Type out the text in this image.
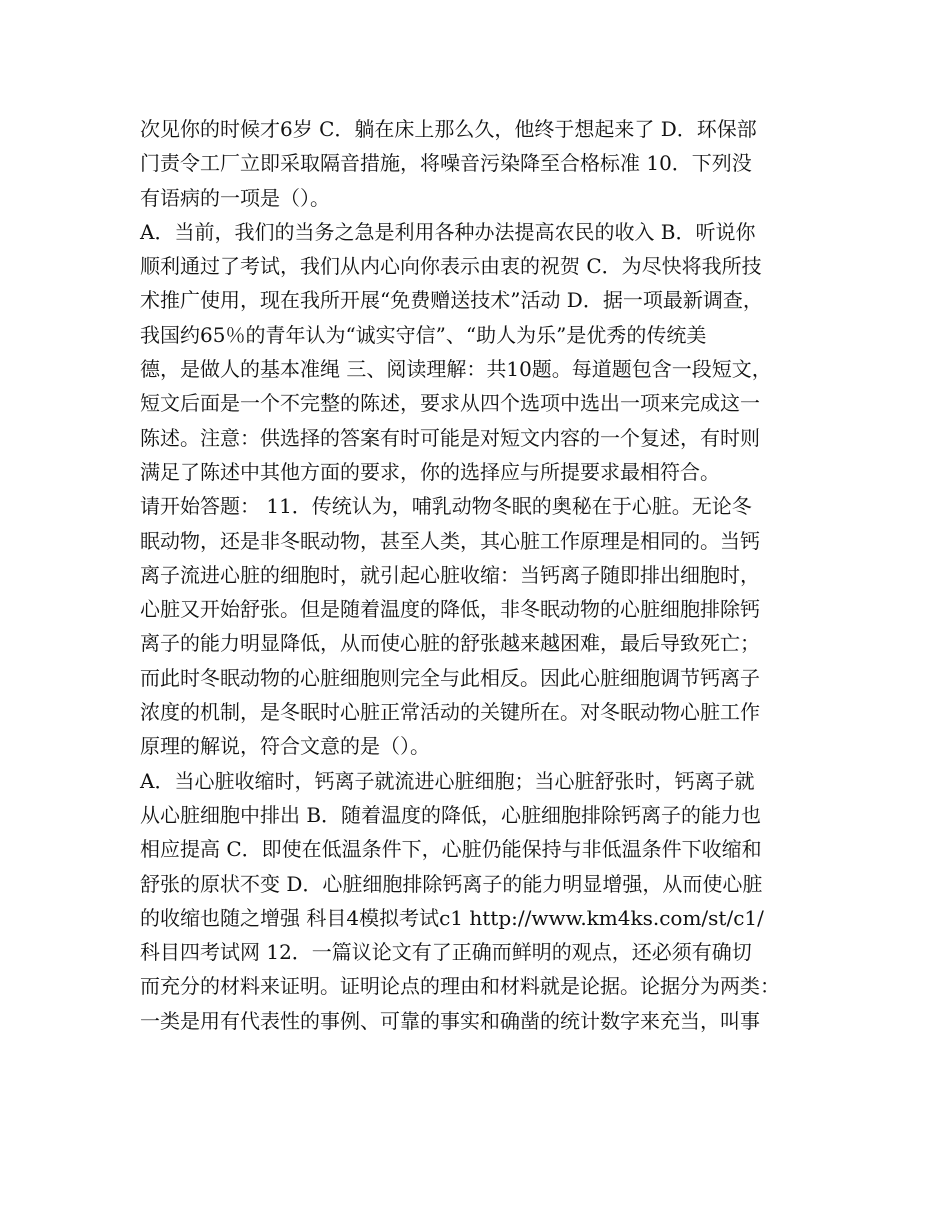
次见你的时候才6岁 C．躺在床上那么久，他终于想起来了 D．环保部
门责令工厂立即采取隔音措施，将噪音污染降至合格标准 10．下列没
有语病的一项是（）。
A．当前，我们的当务之急是利用各种办法提高农民的收入 B．听说你
顺利通过了考试，我们从内心向你表示由衷的祝贺 C．为尽快将我所技
术推广使用，现在我所开展“免费赠送技术”活动 D．据一项最新调查，
我国约65％的青年认为“诚实守信”、“助人为乐”是优秀的传统美
德，是做人的基本准绳 三、阅读理解：共10题。每道题包含一段短文，
短文后面是一个不完整的陈述，要求从四个选项中选出一项来完成这一
陈述。注意：供选择的答案有时可能是对短文内容的一个复述，有时则
满足了陈述中其他方面的要求，你的选择应与所提要求最相符合。
请开始答题： 11．传统认为，哺乳动物冬眠的奥秘在于心脏。无论冬
眠动物，还是非冬眠动物，甚至人类，其心脏工作原理是相同的。当钙
离子流进心脏的细胞时，就引起心脏收缩：当钙离子随即排出细胞时，
心脏又开始舒张。但是随着温度的降低，非冬眠动物的心脏细胞排除钙
离子的能力明显降低，从而使心脏的舒张越来越困难，最后导致死亡；
而此时冬眠动物的心脏细胞则完全与此相反。因此心脏细胞调节钙离子
浓度的机制，是冬眠时心脏正常活动的关键所在。对冬眠动物心脏工作
原理的解说，符合文意的是（）。
A．当心脏收缩时，钙离子就流进心脏细胞；当心脏舒张时，钙离子就
从心脏细胞中排出 B．随着温度的降低，心脏细胞排除钙离子的能力也
相应提高 C．即使在低温条件下，心脏仍能保持与非低温条件下收缩和
舒张的原状不变 D．心脏细胞排除钙离子的能力明显增强，从而使心脏
的收缩也随之增强 科目4模拟考试c1 http://www.km4ks.com/st/c1/
科目四考试网 12．一篇议论文有了正确而鲜明的观点，还必须有确切
而充分的材料来证明。证明论点的理由和材料就是论据。论据分为两类：
一类是用有代表性的事例、可靠的事实和确凿的统计数字来充当，叫事
